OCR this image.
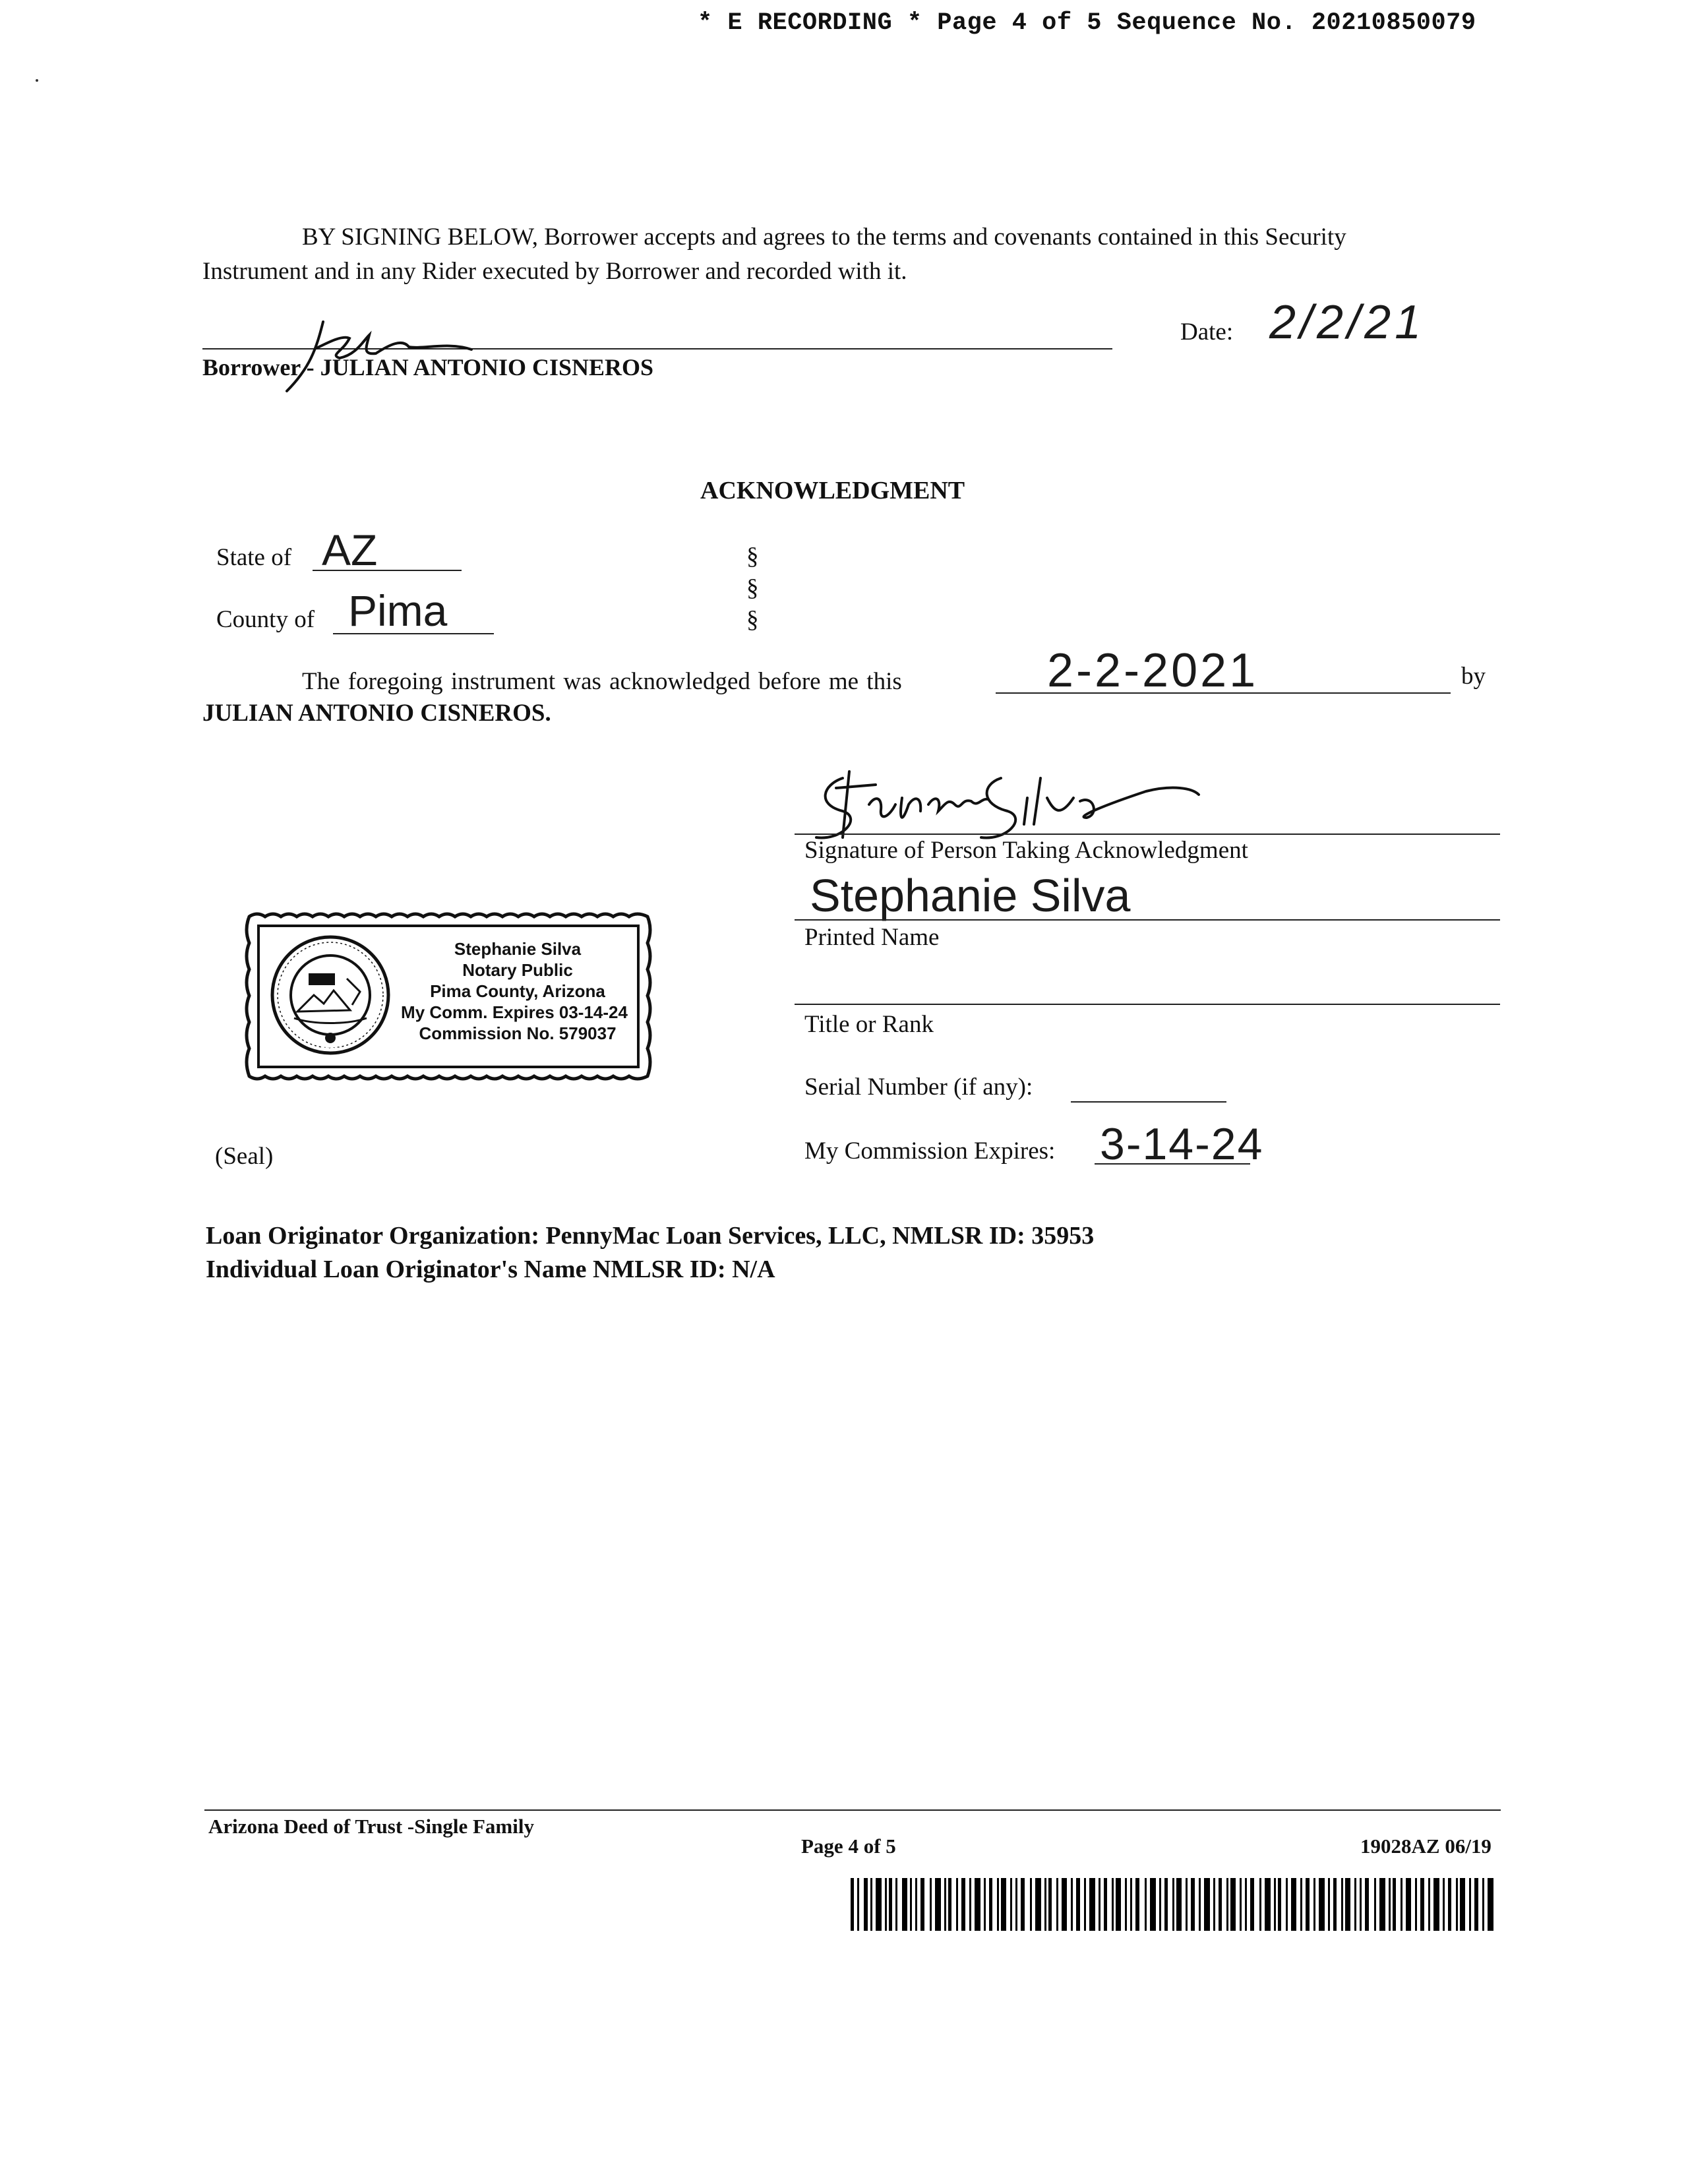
* E RECORDING * Page 4 of 5 Sequence No. 20210850079
BY SIGNING BELOW, Borrower accepts and agrees to the terms and covenants contained in this Security
Instrument and in any Rider executed by Borrower and recorded with it.
Borrower - JULIAN ANTONIO CISNEROS
Date: 2/2/21
ACKNOWLEDGMENT
State of AZ
County of Pima
§
§
§
The foregoing instrument was acknowledged before me this	2-2-2021	by
JULIAN ANTONIO CISNEROS.
Signature of Person Taking Acknowledgment
Stephanie Silva
Printed Name
Title or Rank
Serial Number (if any):
My Commission Expires: 3-14-24
(Seal)
1912
Stephanie Silva
Notary Public
Pima County, Arizona
My Comm. Expires 03-14-24
Commission No. 579037
Loan Originator Organization: PennyMac Loan Services, LLC, NMLSR ID: 35953
Individual Loan Originator's Name NMLSR ID: N/A
Arizona Deed of Trust -Single Family
Page 4 of 5	19028AZ 06/19
